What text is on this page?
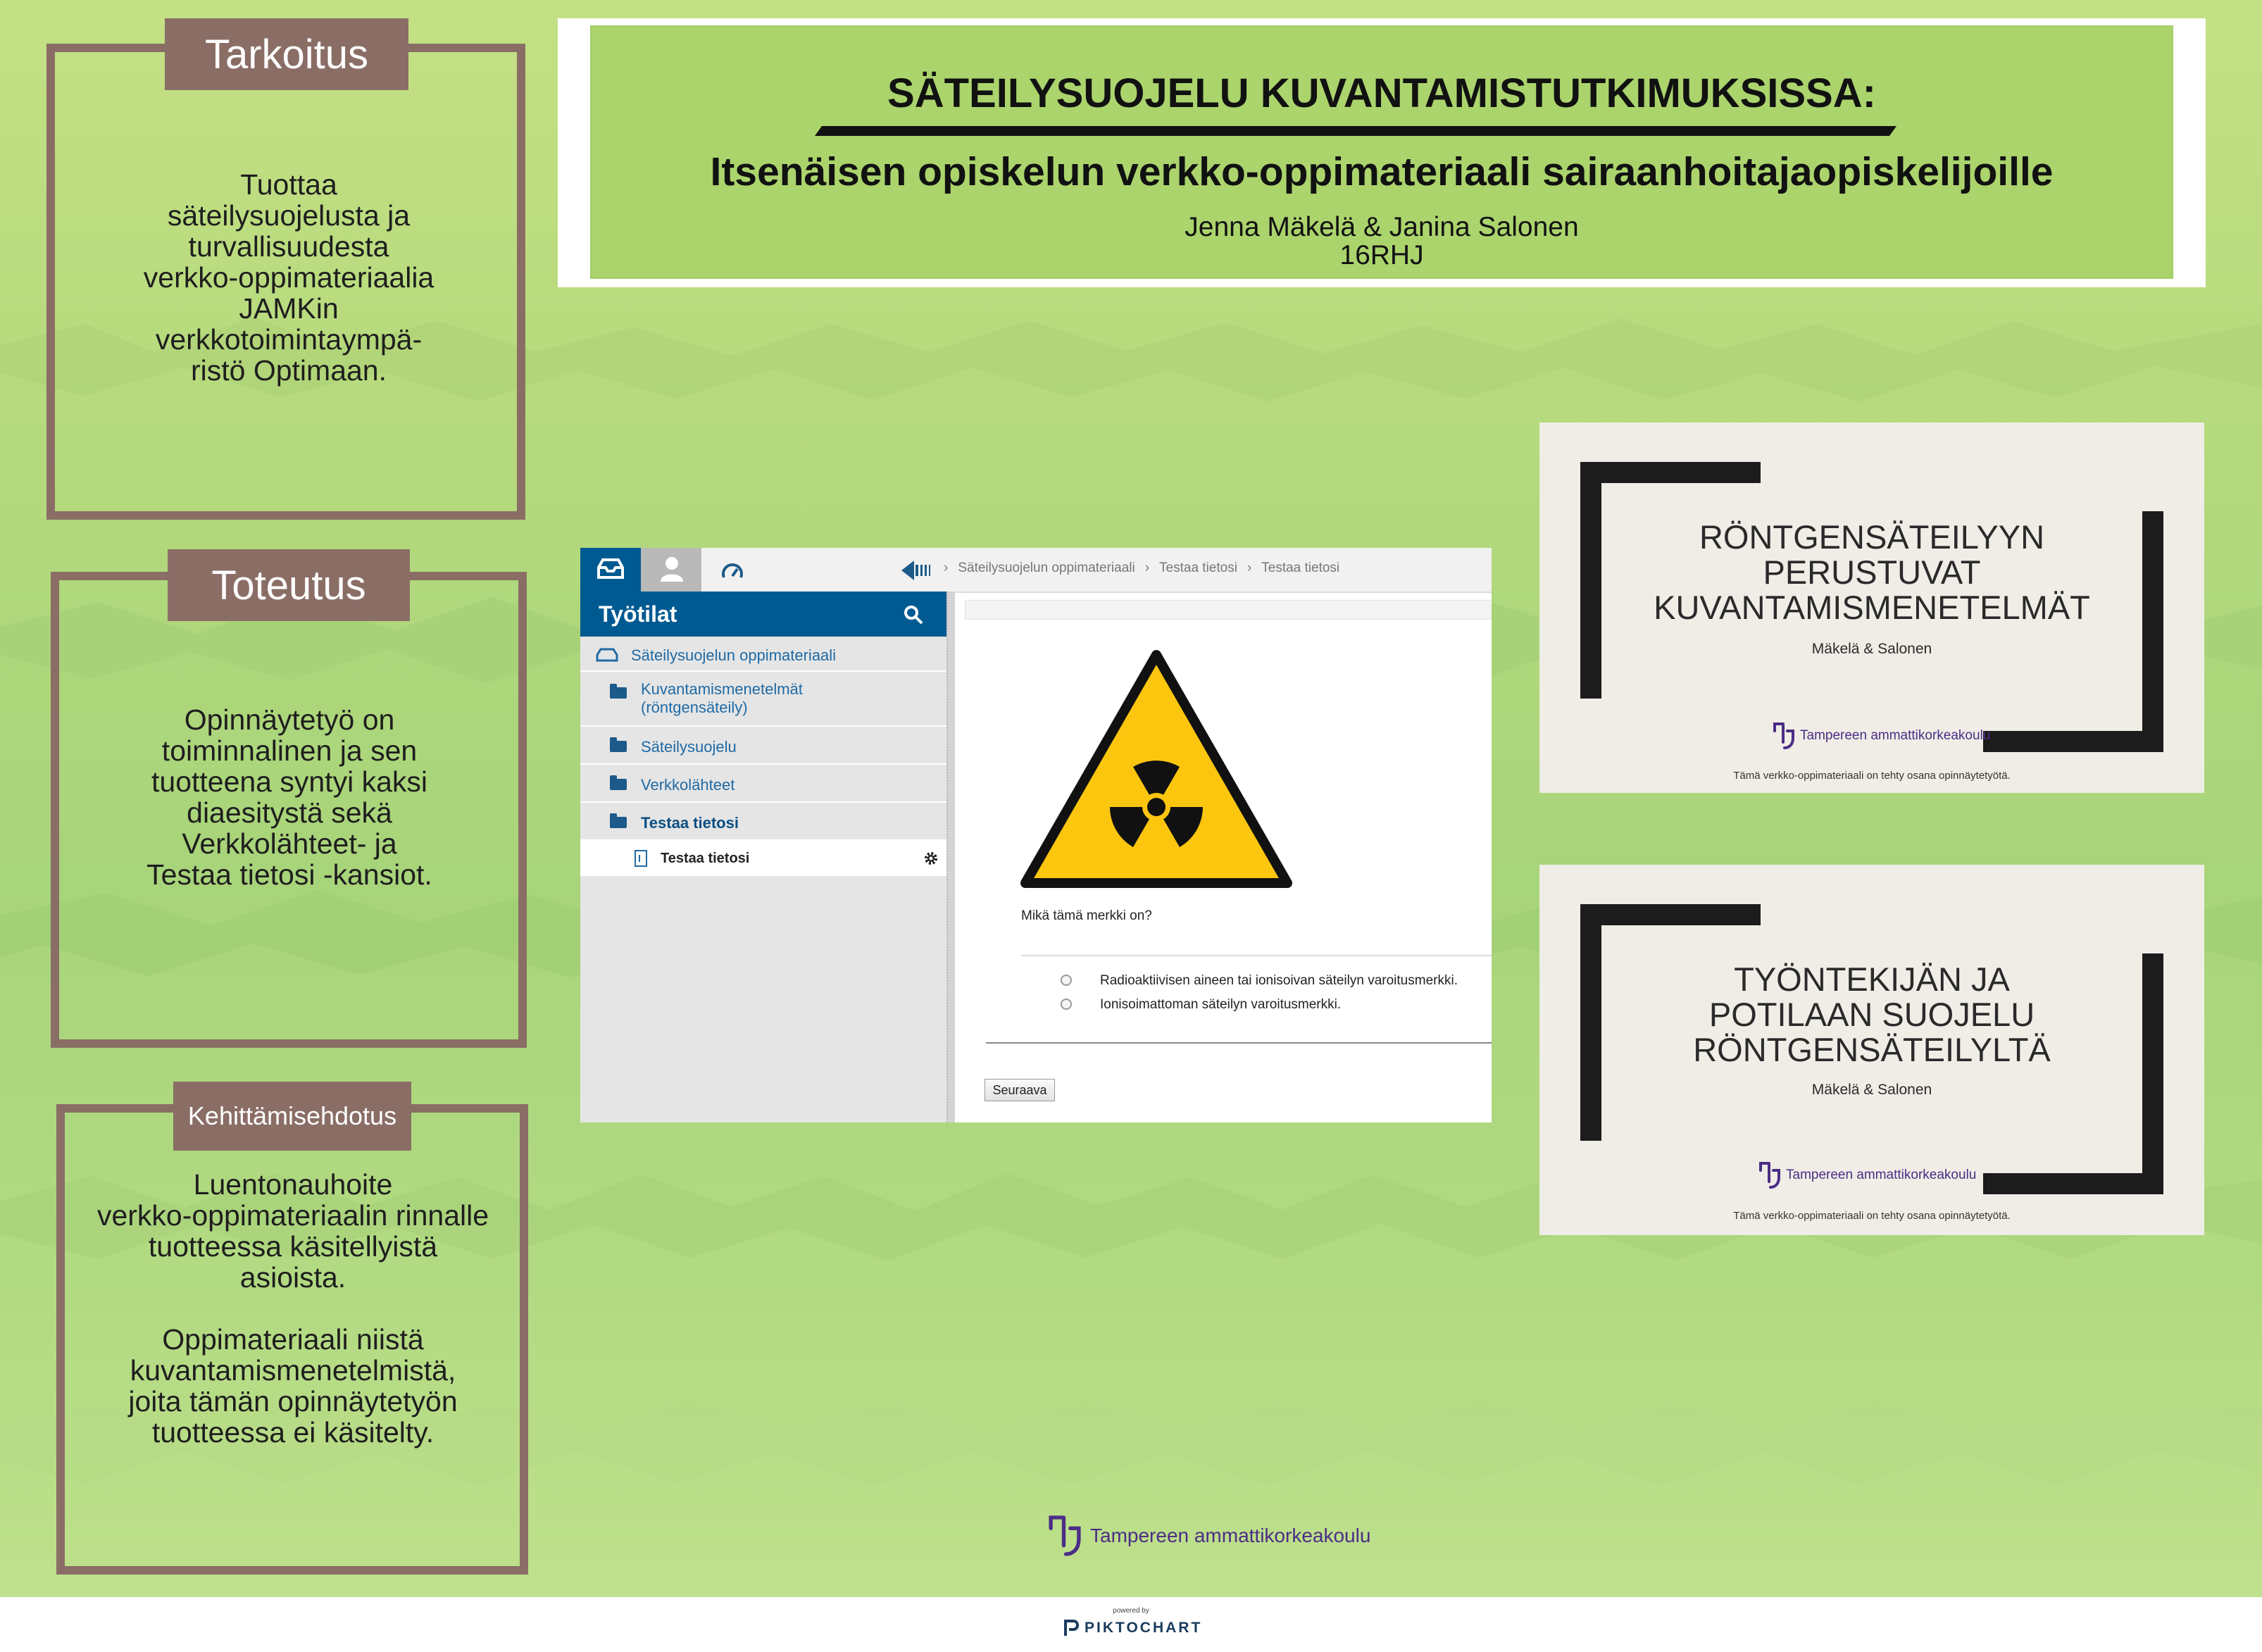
Tarkoitus

Tuottaa

säteilysuojelusta ja

turvallisuudesta

verkko-oppimateriaalia

JAMKin

verkkotoimintaympä-

ristö Optimaan.

Toteutus

Opinnäytetyö on

toiminnalinen ja sen

tuotteena syntyi kaksi

diaesitystä sekä

Verkkolähteet- ja

Testaa tietosi -kansiot.

Kehittämisehdotus

Luentonauhoite

verkko-oppimateriaalin rinnalle

tuotteessa käsitellyistä

asioista.

Oppimateriaali niistä

kuvantamismenetelmistä,

joita tämän opinnäytetyön

tuotteessa ei käsitelty.

SÄTEILYSUOJELU KUVANTAMISTUTKIMUKSISSA:
Itsenäisen opiskelun verkko-oppimateriaali sairaanhoitajaopiskelijoille
Jenna Mäkelä & Janina Salonen
16RHJ
› Säteilysuojelun oppimateriaali › Testaa tietosi › Testaa tietosi
Työtilat
Säteilysuojelun oppimateriaali
Kuvantamismenetelmät
(röntgensäteily)
Säteilysuojelu
Verkkolähteet
Testaa tietosi
Testaa tietosi
Mikä tämä merkki on?
Radioaktiivisen aineen tai ionisoivan säteilyn varoitusmerkki.
Ionisoimattoman säteilyn varoitusmerkki.
Seuraava
RÖNTGENSÄTEILYYN
PERUSTUVAT
KUVANTAMISMENETELMÄT
Mäkelä & Salonen
Tampereen ammattikorkeakoulu
Tämä verkko-oppimateriaali on tehty osana opinnäytetyötä.
TYÖNTEKIJÄN JA
POTILAAN SUOJELU
RÖNTGENSÄTEILYLTÄ
Mäkelä & Salonen
Tampereen ammattikorkeakoulu
Tämä verkko-oppimateriaali on tehty osana opinnäytetyötä.
Tampereen ammattikorkeakoulu
powered by
PIKTOCHART
